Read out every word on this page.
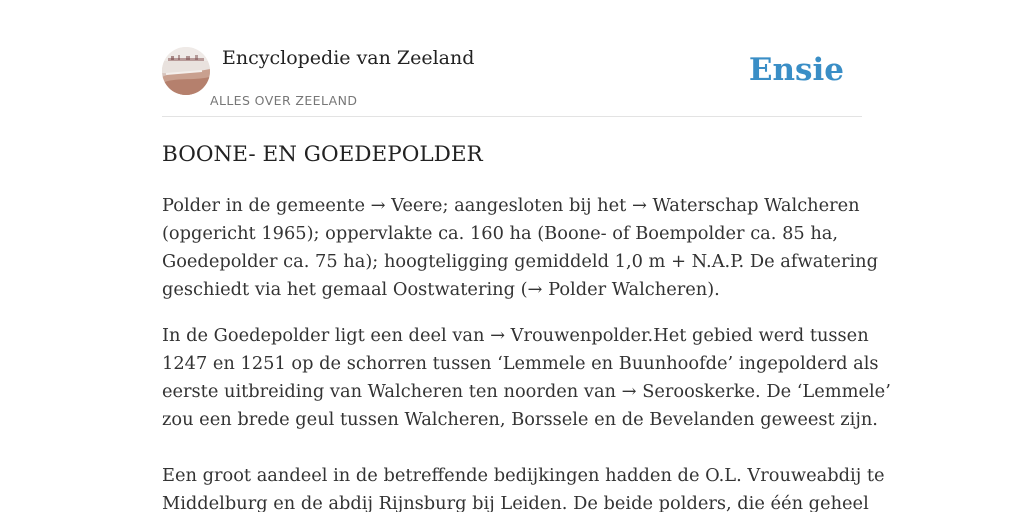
Encyclopedie van Zeeland
ALLES OVER ZEELAND
Ensie
BOONE- EN GOEDEPOLDER
Polder in de gemeente → Veere; aangesloten bij het → Waterschap Walcheren
(opgericht 1965); oppervlakte ca. 160 ha (Boone- of Boempolder ca. 85 ha,
Goedepolder ca. 75 ha); hoogteligging gemiddeld 1,0 m + N.A.P. De afwatering
geschiedt via het gemaal Oostwatering (→ Polder Walcheren).
In de Goedepolder ligt een deel van → Vrouwenpolder.Het gebied werd tussen
1247 en 1251 op de schorren tussen ‘Lemmele en Buunhoofde’ ingepolderd als
eerste uitbreiding van Walcheren ten noorden van → Serooskerke. De ‘Lemmele’
zou een brede geul tussen Walcheren, Borssele en de Bevelanden geweest zijn.
Een groot aandeel in de betreffende bedijkingen hadden de O.L. Vrouweabdij te
Middelburg en de abdij Rijnsburg bij Leiden. De beide polders, die één geheel
